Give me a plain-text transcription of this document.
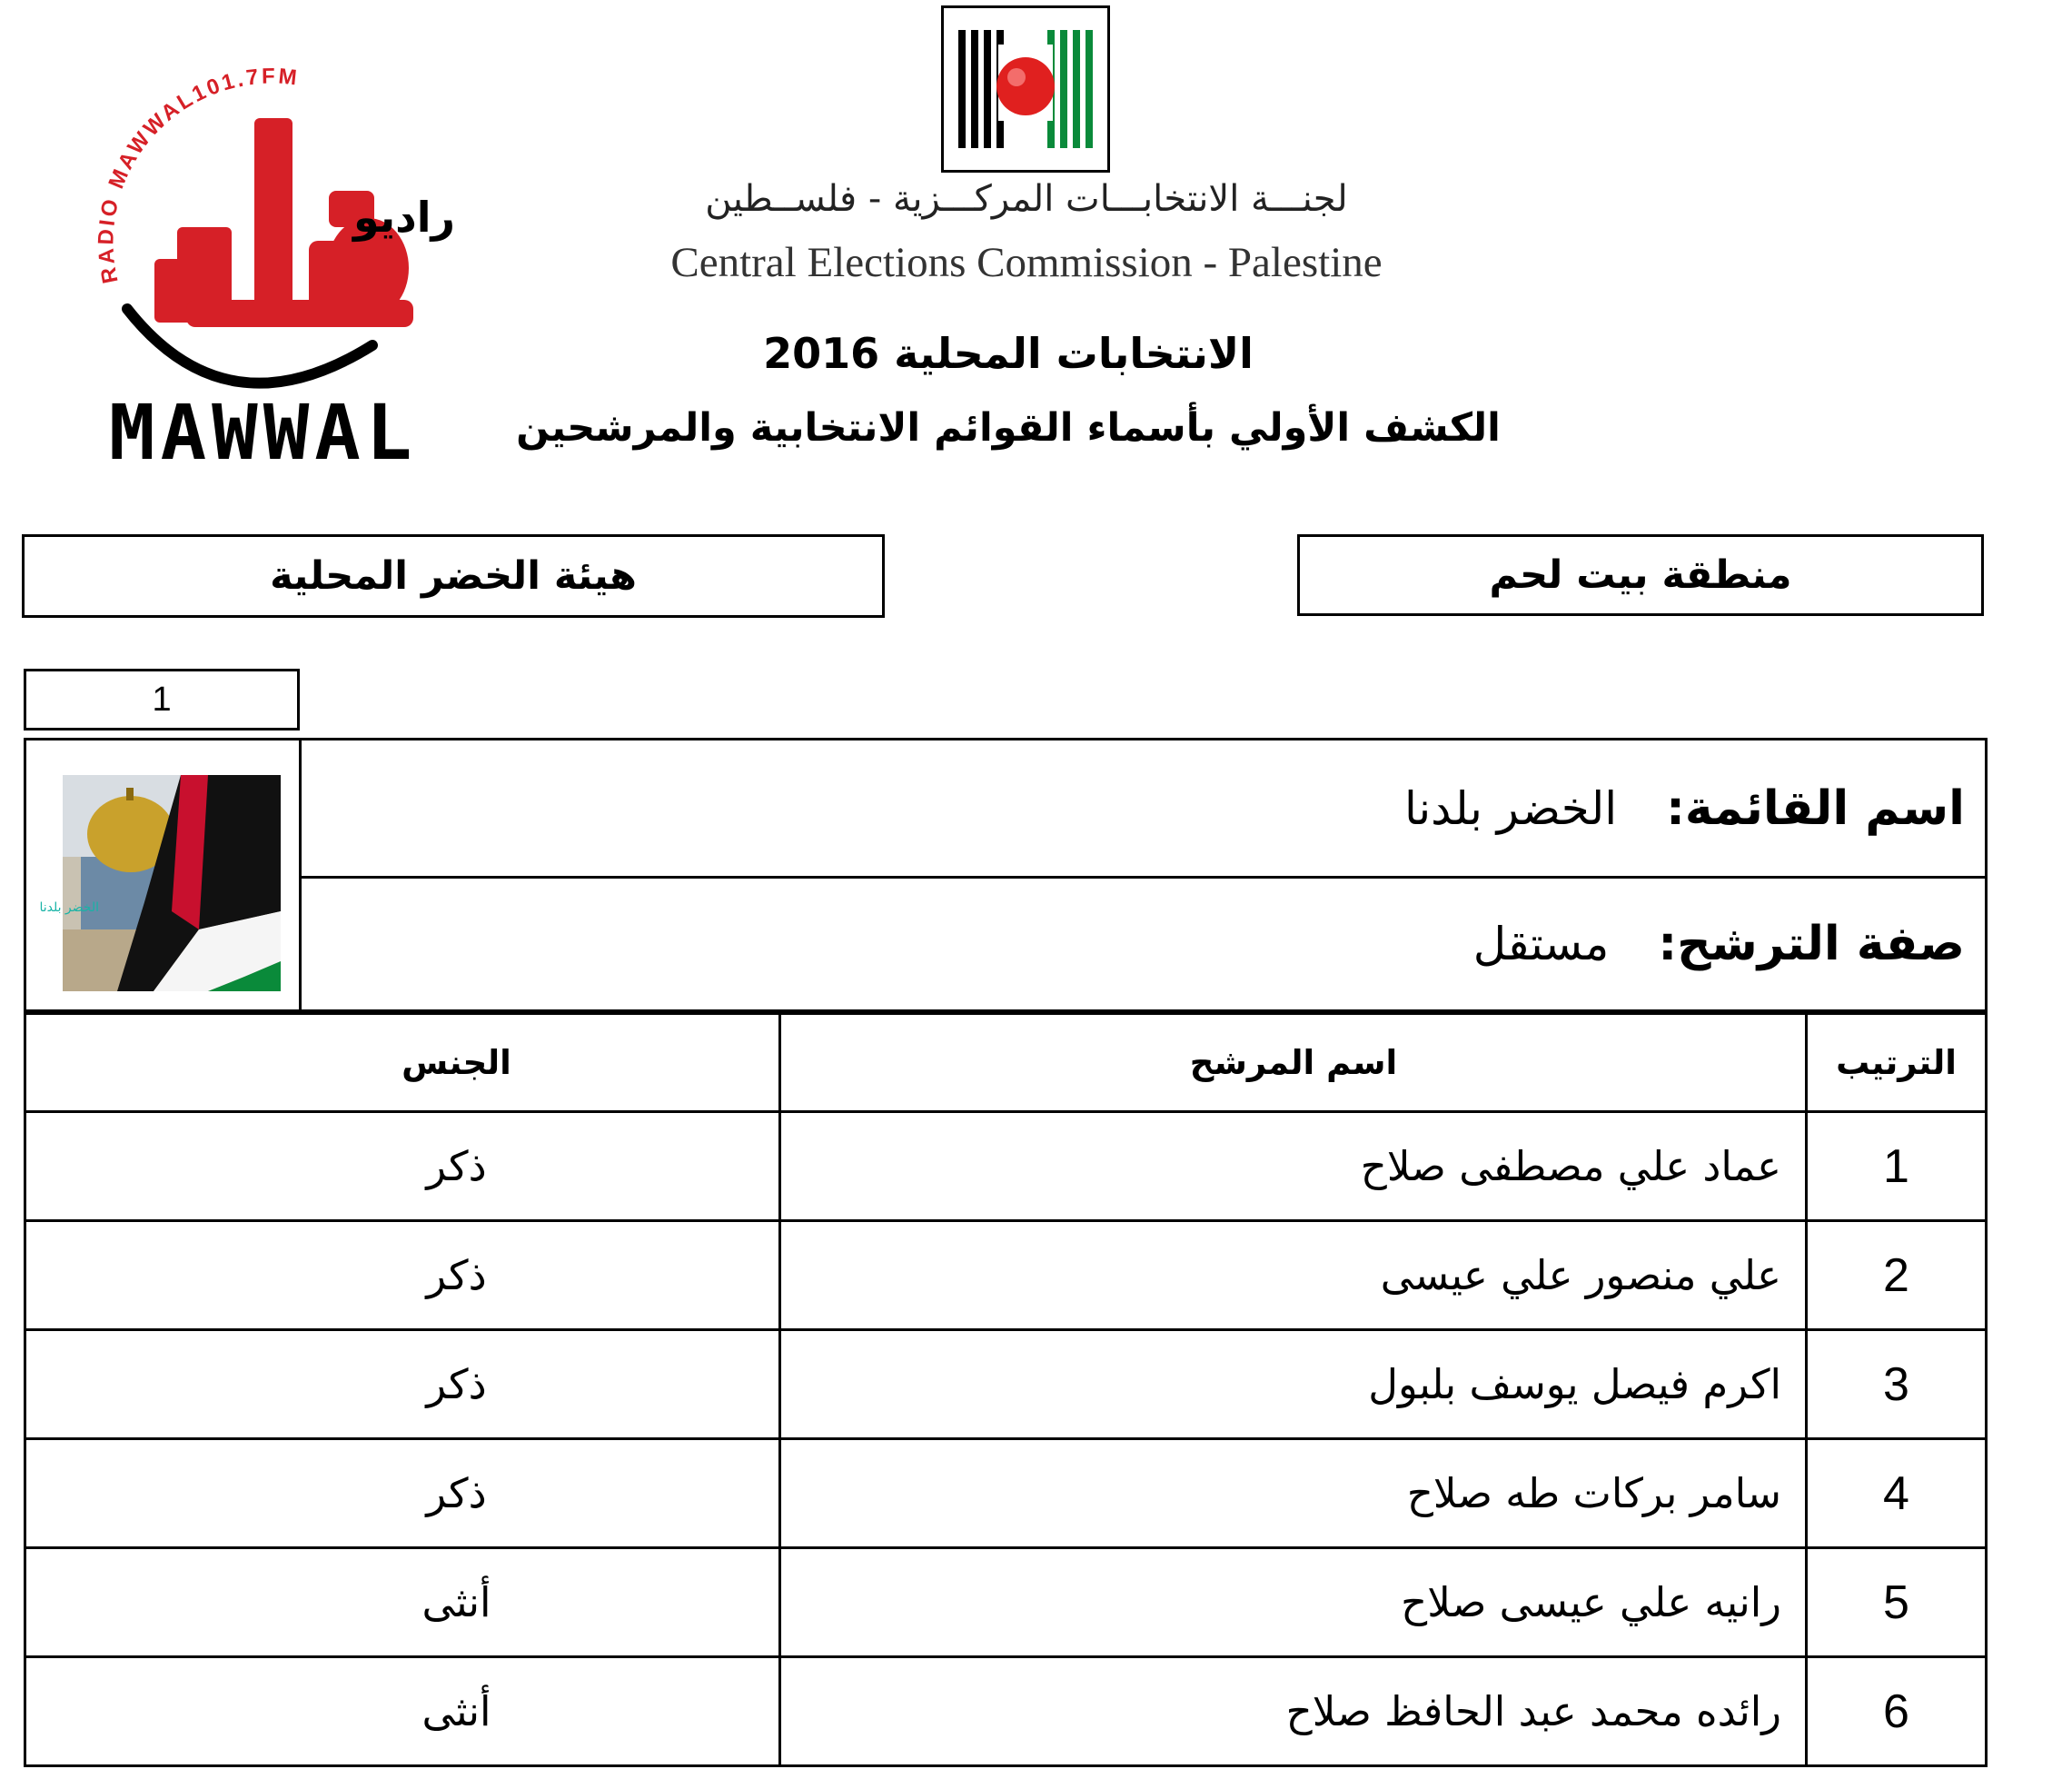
RADIO MAWWAL101.7FM
راديو
MAWWAL
لجنـــة الانتخابـــات المركـــزية - فلســطين
Central Elections Commission - Palestine
الانتخابات المحلية 2016
الكشف الأولي بأسماء القوائم الانتخابية والمرشحين
هيئة الخضر المحلية	منطقة بيت لحم
1
الخضر بلدنا
اسم القائمة:
الخضر بلدنا
صفة الترشح:
مستقل
الترتيب	اسم المرشح	الجنس
1	عماد علي مصطفى صلاح	ذكر
2	علي منصور علي عيسى	ذكر
3	اكرم فيصل يوسف بلبول	ذكر
4	سامر بركات طه صلاح	ذكر
5	رانيه علي عيسى صلاح	أنثى
6	رائده محمد عبد الحافظ صلاح	أنثى
